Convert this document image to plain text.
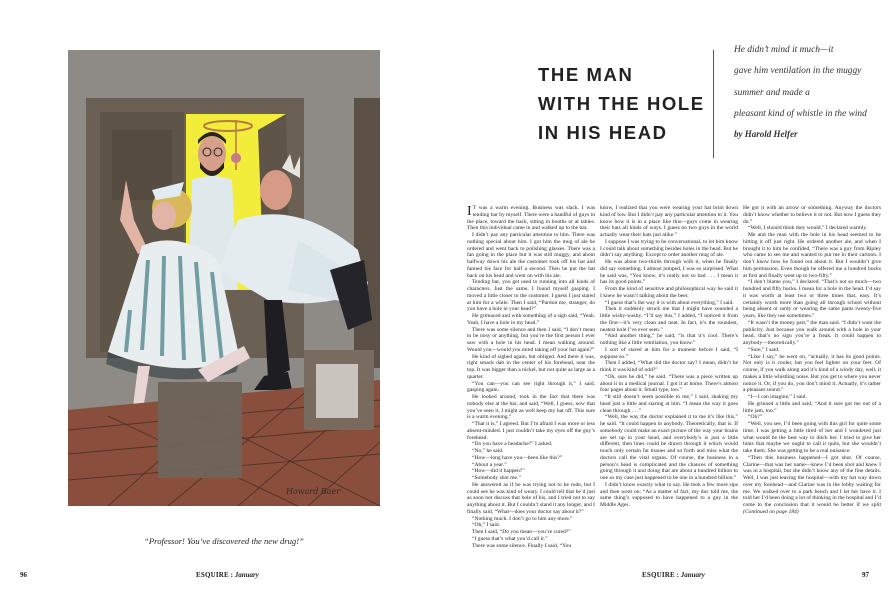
Howard Baer
“Professor! You’ve discovered the new drug!”
96	ESQUIRE : January
THE MAN
WITH THE HOLE
IN HIS HEAD
He didn’t mind it much—it
gave him ventilation in the muggy
summer and made a
pleasant kind of whistle in the wind
by Harold Helfer

I T was a warm evening. Business was slack. I was tending bar by myself. There were a handful of guys in the place, toward the back, sitting in booths or at tables. Then this individual came in and walked up to the bar.

I didn’t pay any particular attention to him. There was nothing special about him. I got him the mug of ale he ordered and went back to polishing glasses. There was a fan going in the place but it was still muggy, and about halfway down his ale the customer took off his hat and fanned his face for half a second. Then he put the hat back on his head and went on with his ale.

Tending bar, you get used to running into all kinds of characters. Just the same, I found myself gasping. I moved a little closer to the customer. I guess I just stared at him for a while. Then I said, “Pardon me, stranger, do you have a hole in your head?”

He grimaced and with something of a sigh said, “Yeah. Yeah, I have a hole in my head.”

There was some silence and then I said, “I don’t mean to be nosy or anything, but you’re the first person I ever saw with a hole in his head. I mean walking around. Would you—would you mind taking off your hat again?”

He kind of sighed again, but obliged. And there it was, right smack dab in the center of his forehead, near the top. It was bigger than a nickel, but not quite as large as a quarter.

“You can—you can see right through it,” I said, gasping again.

He looked around, took in the fact that there was nobody else at the bar, and said, “Well, I guess, now that you’ve seen it, I might as well keep my hat off. This sure is a warm evening.”

“That it is,” I agreed. But I’m afraid I was more or less absent-minded. I just couldn’t take my eyes off the guy’s forehead.

“Do you have a headache?” I asked.

“No,” he said.

“How—long have you—been like this?”

“About a year.”

“How—did it happen?”

“Somebody shot me.”

He answered as if he was trying not to be rude, but I could see he was kind of weary. I could tell that he’d just as soon not discuss that hole of his, and I tried not to say anything about it. But I couldn’t stand it any longer, and I finally said, “What—does your doctor say about it?”

“Nothing much. I don’t go to him any more.”

“Oh,” I said.

Then I said, “Do you mean—you’re cured?”

“I guess that’s what you’d call it.”

There was some silence. Finally I said, “You

know, I realized that you were wearing your hat brim down kind of low. But I didn’t pay any particular attention to it. You know how it is in a place like this—guys come in wearing their hats all kinds of ways. I guess no two guys in the world actually wear their hats just alike.”

I suppose I was trying to be conversational, to let him know I could talk about something besides holes in the head. But he didn’t say anything. Except to order another mug of ale.

He was about two-thirds through with it, when he finally did say something. I almost jumped, I was so surprised. What he said was, “You know, it’s really not so bad . . . I mean it has its good points.”

From the kind of sensitive and philosophical way he said it I knew he wasn’t talking about the beer.

“I guess that’s the way it is with about everything,” I said.

Then it suddenly struck me that I might have sounded a little wishy-washy. “I’ll say this,” I added, “I noticed it from the first—it’s very clean and neat. In fact, it’s the roundest, neatest hole I’ve ever seen.”

“And another thing,” he said, “is that it’s cool. There’s nothing like a little ventilation, you know.”

I sort of stared at him for a moment before I said, “I suppose so.”

Then I added, “What did the doctor say? I mean, didn’t he think it was kind of odd?”

“Oh, sure he did,” he said. “There was a piece written up about it in a medical journal. I got it at home. There’s almost four pages about it. Small type, too.”

“It still doesn’t seem possible to me,” I said, shaking my head just a little and staring at him. “I mean the way it goes clean through . . .”

“Well, the way the doctor explained it to me it’s like this,” he said. “It could happen to anybody. Theoretically, that is. If somebody could make an exact picture of the way your brains are set up in your head, and everybody’s is just a little different, then lines could be drawn through it which would touch only certain fat tissues and so forth and miss what the doctors call the vital organs. Of course, the business in a person’s head is complicated and the chances of something going through it and doing that are about a hundred billion to one so my case just happened to be one in a hundred billion.”

I didn’t know exactly what to say. He took a few more sips and then went on: “As a matter of fact, my doc told me, the same thing’s supposed to have happened to a guy in the Middle Ages.

He got it with an arrow or something. Anyway the doctors didn’t know whether to believe it or not. But now I guess they do.”

“Well, I should think they would,” I declared warmly.

Me and the man with the hole in his head seemed to be hitting it off just right. He ordered another ale, and when I brought it to him he confided, “There was a guy from Ripley who came to see me and wanted to put me in their cartoon. I don’t know how he found out about it. But I wouldn’t give him permission. Even though he offered me a hundred bucks at first and finally went up to two-fifty.”

“I don’t blame you,” I declared. “That’s not so much—two hundred and fifty bucks. I mean for a hole in the head. I’d say it was worth at least two or three times that, easy. It’s certainly worth more than going all through school without being absent or tardy or wearing the same pants twenty-five years, like they use sometimes.”

“It wasn’t the money part,” the man said. “I didn’t want the publicity. Just because you walk around with a hole in your head, that’s no sign you’re a freak. It could happen to anybody—theoretically.”

“Sure,” I said.

“Like I say,” he went on, “actually, it has its good points. Not only is it cooler, but you feel lighter on your feet. Of course, if you walk along and it’s kind of a windy day, well, it makes a little whistling noise. But you get to where you never notice it. Or, if you do, you don’t mind it. Actually, it’s rather a pleasant sound.”

“I—I can imagine,” I said.

He grinned a little and said, “And it sure got me out of a little jam, too.”

“Oh?”

“Well, you see, I’d been going with this girl for quite some time. I was getting a little tired of her and I wondered just what would be the best way to ditch her. I tried to give her hints that maybe we ought to call it quits, but she wouldn’t take them. She was getting to be a real nuisance.

“Then this business happened—I got shot. Of course, Clarine—that was her name—knew I’d been shot and knew I was in a hospital, but she didn’t know any of the fine details. Well, I was just leaving the hospital—with my hat way down over my forehead—and Clarine was in the lobby waiting for me. We walked over to a park bench and I let her have it. I told her I’d been doing a lot of thinking in the hospital and I’d come to the conclusion that it would be better if we split (Continued on page 184)

ESQUIRE : January	97
